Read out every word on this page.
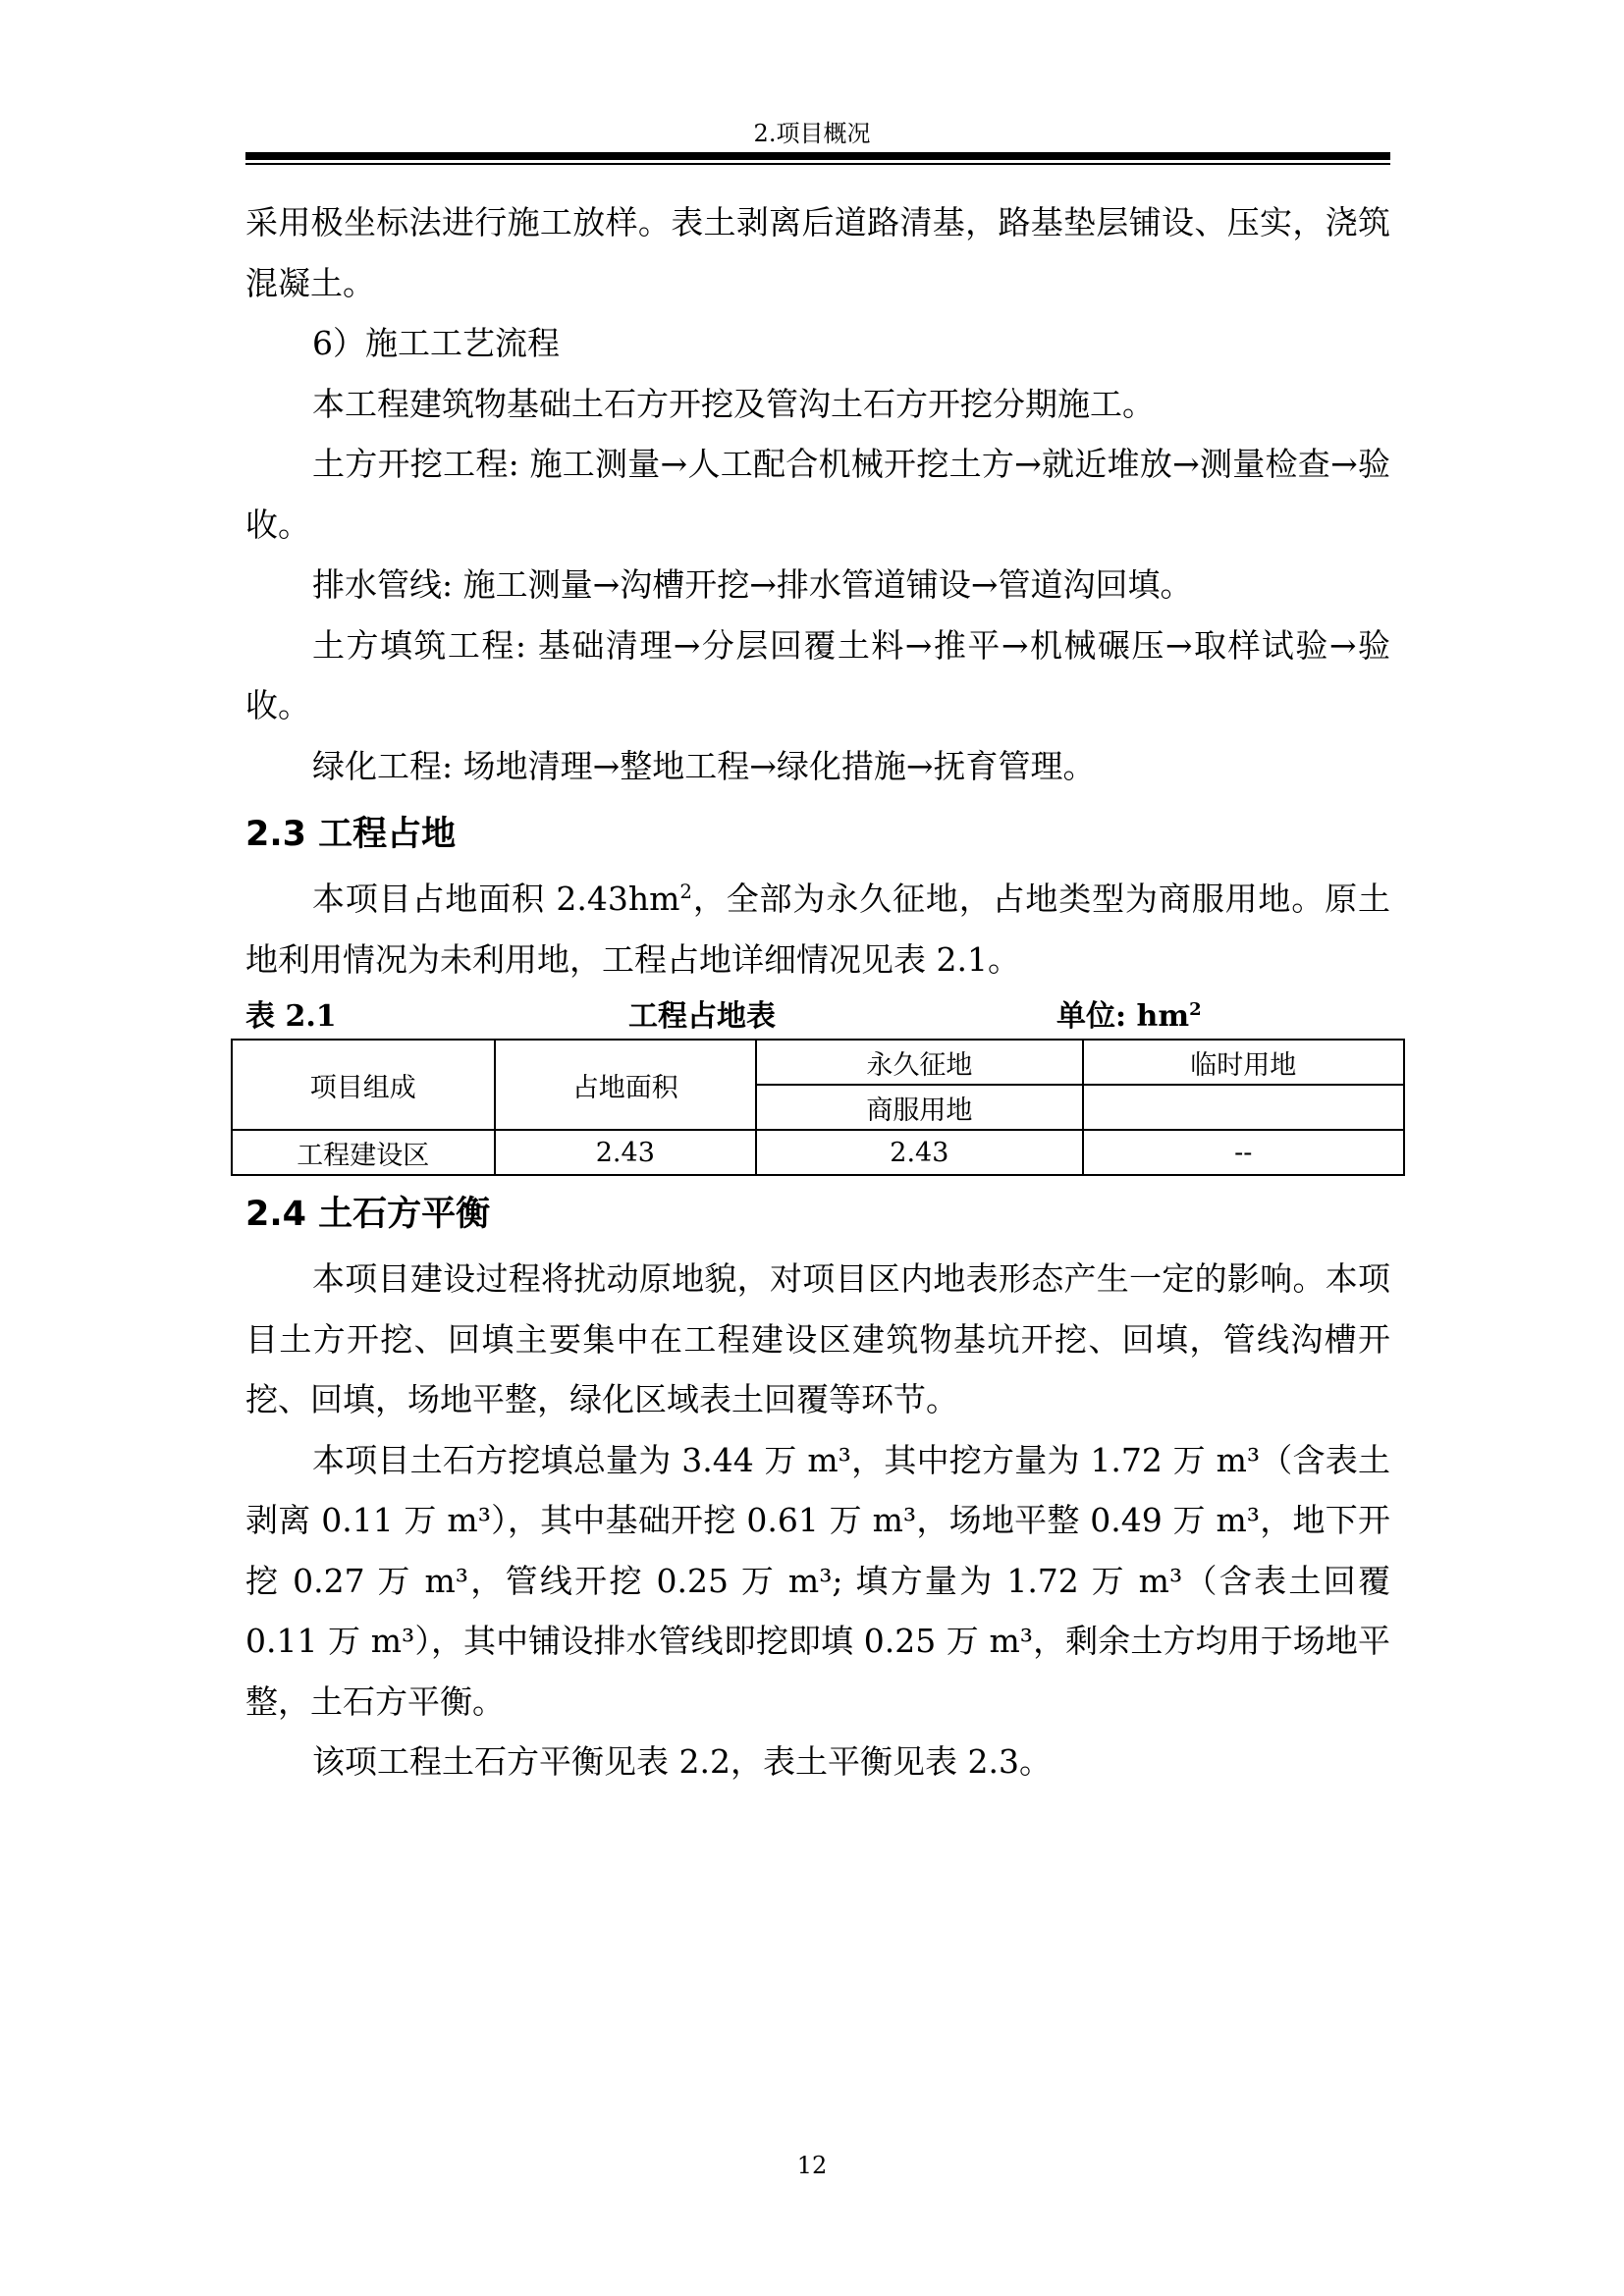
2.项目概况

采用极坐标法进行施工放样。表土剥离后道路清基，路基垫层铺设、压实，浇筑混凝土。

6）施工工艺流程

本工程建筑物基础土石方开挖及管沟土石方开挖分期施工。

土方开挖工程: 施工测量→人工配合机械开挖土方→就近堆放→测量检查→验收。

排水管线: 施工测量→沟槽开挖→排水管道铺设→管道沟回填。

土方填筑工程: 基础清理→分层回覆土料→推平→机械碾压→取样试验→验收。

绿化工程: 场地清理→整地工程→绿化措施→抚育管理。

2.3 工程占地

本项目占地面积 $2.43hm^2$，全部为永久征地，占地类型为商服用地。原土地利用情况为未利用地，工程占地详细情况见表 2.1。

表 2.1	工程占地表	单位: $hm^2$
项目组成	占地面积	永久征地	临时用地
		商服用地	
工程建设区	2.43	2.43	--
2.4 土石方平衡

本项目建设过程将扰动原地貌，对项目区内地表形态产生一定的影响。本项目土方开挖、回填主要集中在工程建设区建筑物基坑开挖、回填，管线沟槽开挖、回填，场地平整，绿化区域表土回覆等环节。

本项目土石方挖填总量为 3.44 万 m³，其中挖方量为 1.72 万 m³（含表土剥离 0.11 万 m³），其中基础开挖 0.61 万 m³，场地平整 0.49 万 m³，地下开挖 0.27 万 m³，管线开挖 0.25 万 m³; 填方量为 1.72 万 m³（含表土回覆 0.11 万 m³），其中铺设排水管线即挖即填 0.25 万 m³，剩余土方均用于场地平整，土石方平衡。

该项工程土石方平衡见表 2.2，表土平衡见表 2.3。

12
